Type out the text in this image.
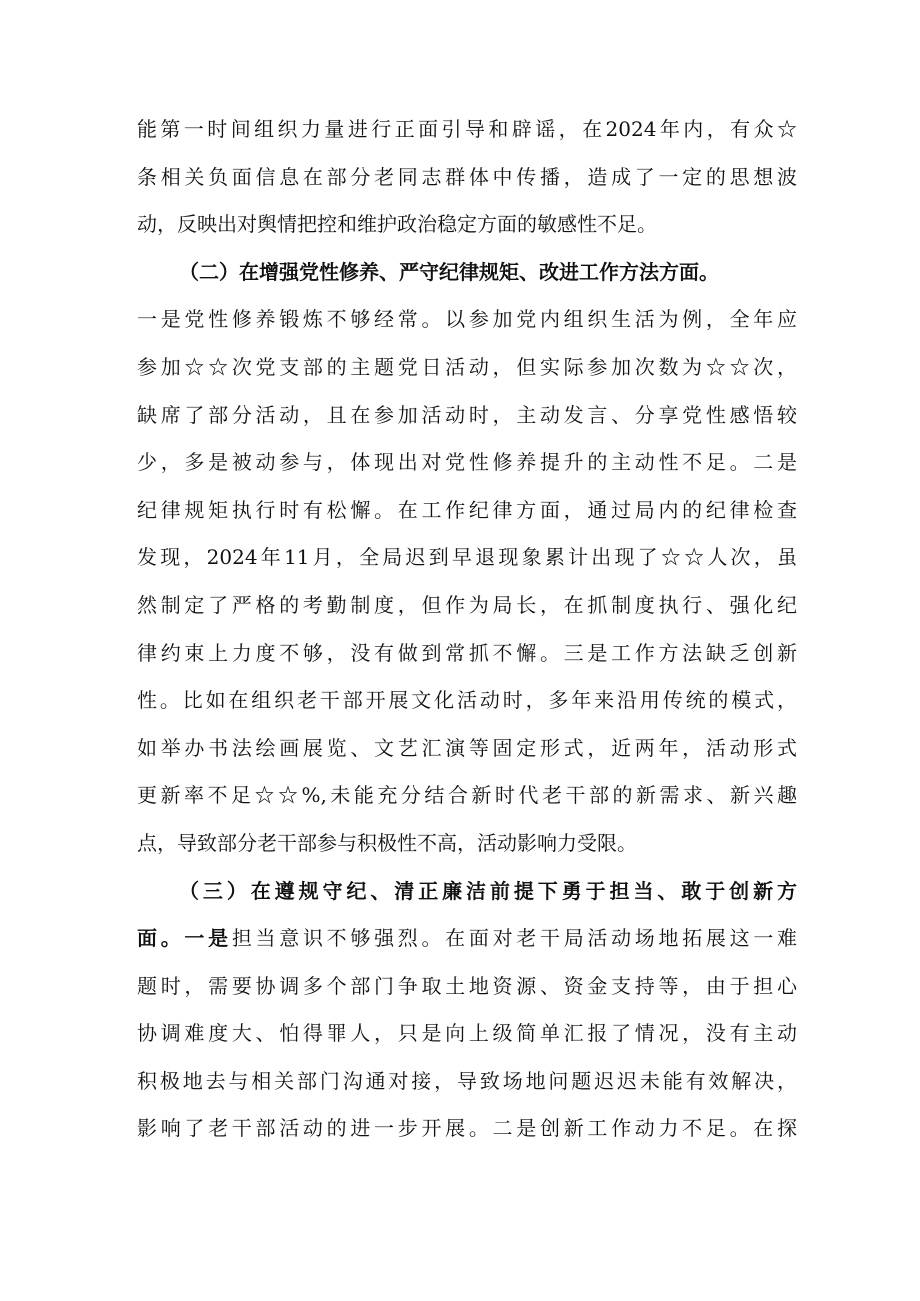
能第一时间组织力量进行正面引导和辟谣，在2024年内，有众☆
条相关负面信息在部分老同志群体中传播，造成了一定的思想波
动，反映出对舆情把控和维护政治稳定方面的敏感性不足。
（二）在增强党性修养、严守纪律规矩、改进工作方法方面。
一是党性修养锻炼不够经常。以参加党内组织生活为例，全年应
参加☆☆次党支部的主题党日活动，但实际参加次数为☆☆次，
缺席了部分活动，且在参加活动时，主动发言、分享党性感悟较
少，多是被动参与，体现出对党性修养提升的主动性不足。二是
纪律规矩执行时有松懈。在工作纪律方面，通过局内的纪律检查
发现，2024年11月，全局迟到早退现象累计出现了☆☆人次，虽
然制定了严格的考勤制度，但作为局长，在抓制度执行、强化纪
律约束上力度不够，没有做到常抓不懈。三是工作方法缺乏创新
性。比如在组织老干部开展文化活动时，多年来沿用传统的模式，
如举办书法绘画展览、文艺汇演等固定形式，近两年，活动形式
更新率不足☆☆%,未能充分结合新时代老干部的新需求、新兴趣
点，导致部分老干部参与积极性不高，活动影响力受限。
（三）在遵规守纪、清正廉洁前提下勇于担当、敢于创新方
面。一是担当意识不够强烈。在面对老干局活动场地拓展这一难
题时，需要协调多个部门争取土地资源、资金支持等，由于担心
协调难度大、怕得罪人，只是向上级简单汇报了情况，没有主动
积极地去与相关部门沟通对接，导致场地问题迟迟未能有效解决，
影响了老干部活动的进一步开展。二是创新工作动力不足。在探
